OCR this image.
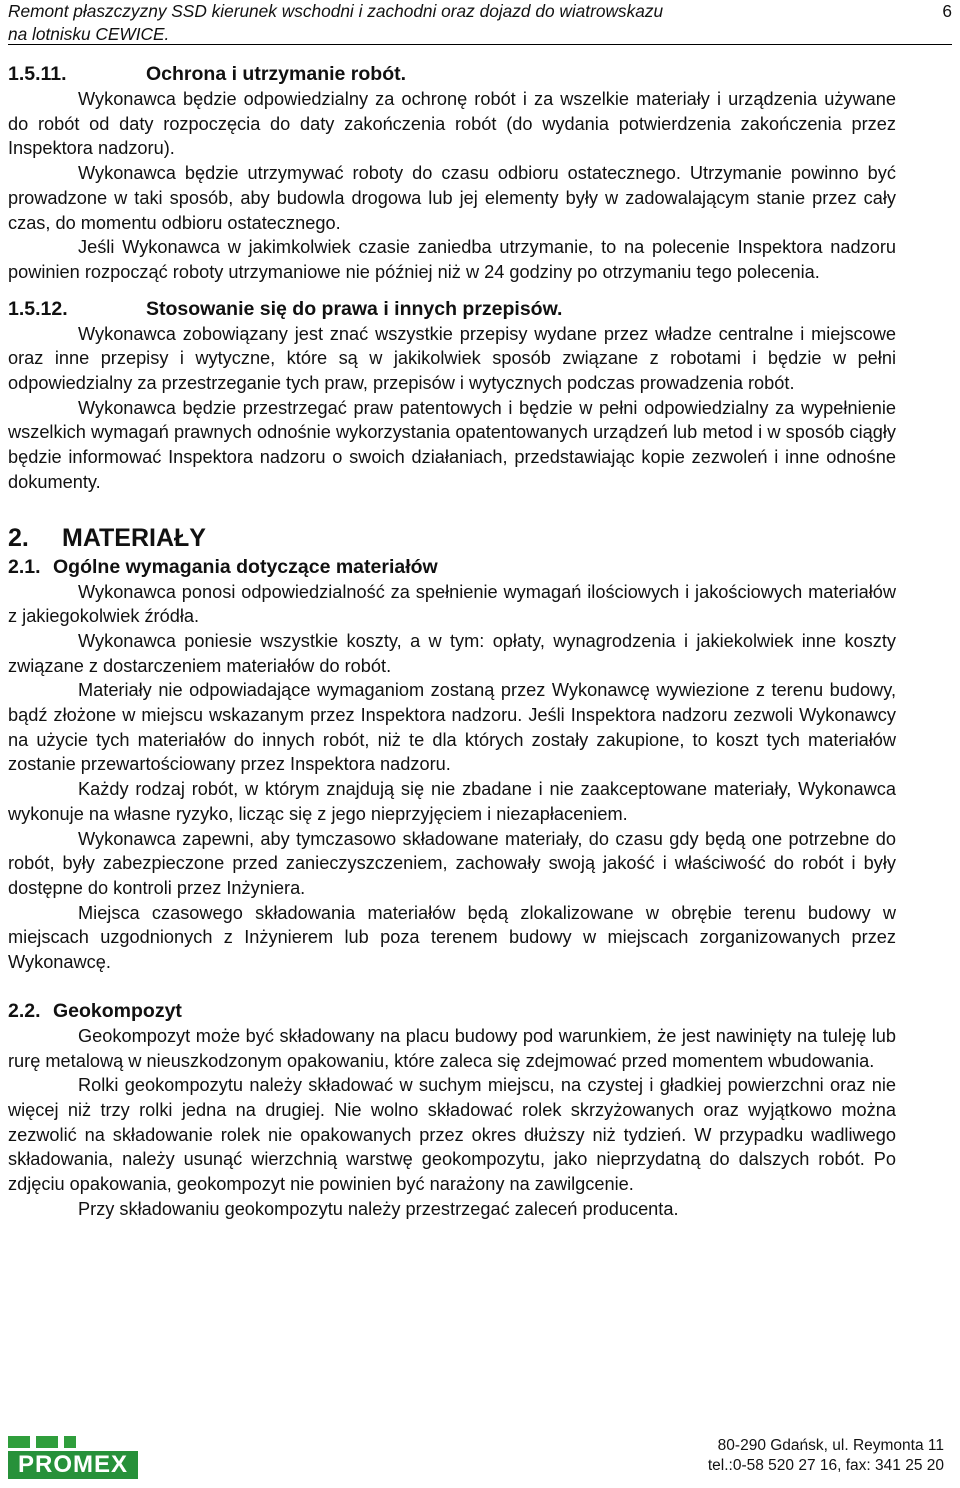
Remont płaszczyzny SSD kierunek wschodni i zachodni oraz dojazd do wiatrowskazu
na lotnisku CEWICE.
6
1.5.11.	Ochrona i utrzymanie robót.

Wykonawca będzie odpowiedzialny za ochronę robót i za wszelkie materiały i urządzenia używane do robót od daty rozpoczęcia do daty zakończenia robót (do wydania potwierdzenia zakończenia przez Inspektora nadzoru).

Wykonawca będzie utrzymywać roboty do czasu odbioru ostatecznego. Utrzymanie powinno być prowadzone w taki sposób, aby budowla drogowa lub jej elementy były w zadowalającym stanie przez cały czas, do momentu odbioru ostatecznego.

Jeśli Wykonawca w jakimkolwiek czasie zaniedba utrzymanie, to na polecenie Inspektora nadzoru powinien rozpocząć roboty utrzymaniowe nie później niż w 24 godziny po otrzymaniu tego polecenia.

1.5.12.	Stosowanie się do prawa i innych przepisów.

Wykonawca zobowiązany jest znać wszystkie przepisy wydane przez władze centralne i miejscowe oraz inne przepisy i wytyczne, które są w jakikolwiek sposób związane z robotami i będzie w pełni odpowiedzialny za przestrzeganie tych praw, przepisów i wytycznych podczas prowadzenia robót.

Wykonawca będzie przestrzegać praw patentowych i będzie w pełni odpowiedzialny za wypełnienie wszelkich wymagań prawnych odnośnie wykorzystania opatentowanych urządzeń lub metod i w sposób ciągły będzie informować Inspektora nadzoru o swoich działaniach, przedstawiając kopie zezwoleń i inne odnośne dokumenty.

2.	MATERIAŁY
2.1. Ogólne wymagania dotyczące materiałów

Wykonawca ponosi odpowiedzialność za spełnienie wymagań ilościowych i jakościowych materiałów z jakiegokolwiek źródła.

Wykonawca poniesie wszystkie koszty, a w tym: opłaty, wynagrodzenia i jakiekolwiek inne koszty związane z dostarczeniem materiałów do robót.

Materiały nie odpowiadające wymaganiom zostaną przez Wykonawcę wywiezione z terenu budowy, bądź złożone w miejscu wskazanym przez Inspektora nadzoru. Jeśli Inspektora nadzoru zezwoli Wykonawcy na użycie tych materiałów do innych robót, niż te dla których zostały zakupione, to koszt tych materiałów zostanie przewartościowany przez Inspektora nadzoru.

Każdy rodzaj robót, w którym znajdują się nie zbadane i nie zaakceptowane materiały, Wykonawca wykonuje na własne ryzyko, licząc się z jego nieprzyjęciem i niezapłaceniem.

Wykonawca zapewni, aby tymczasowo składowane materiały, do czasu gdy będą one potrzebne do robót, były zabezpieczone przed zanieczyszczeniem, zachowały swoją jakość i właściwość do robót i były dostępne do kontroli przez Inżyniera.

Miejsca czasowego składowania materiałów będą zlokalizowane w obrębie terenu budowy w miejscach uzgodnionych z Inżynierem lub poza terenem budowy w miejscach zorganizowanych przez Wykonawcę.

2.2. Geokompozyt

Geokompozyt może być składowany na placu budowy pod warunkiem, że jest nawinięty na tuleję lub rurę metalową w nieuszkodzonym opakowaniu, które zaleca się zdejmować przed momentem wbudowania.

Rolki geokompozytu należy składować w suchym miejscu, na czystej i gładkiej powierzchni oraz nie więcej niż trzy rolki jedna na drugiej. Nie wolno składować rolek skrzyżowanych oraz wyjątkowo można zezwolić na składowanie rolek nie opakowanych przez okres dłuższy niż tydzień. W przypadku wadliwego składowania, należy usunąć wierzchnią warstwę geokompozytu, jako nieprzydatną do dalszych robót. Po zdjęciu opakowania, geokompozyt nie powinien być narażony na zawilgcenie.

Przy składowaniu geokompozytu należy przestrzegać zaleceń producenta.

PROMEX
80-290 Gdańsk, ul. Reymonta 11
tel.:0-58 520 27 16, fax: 341 25 20
